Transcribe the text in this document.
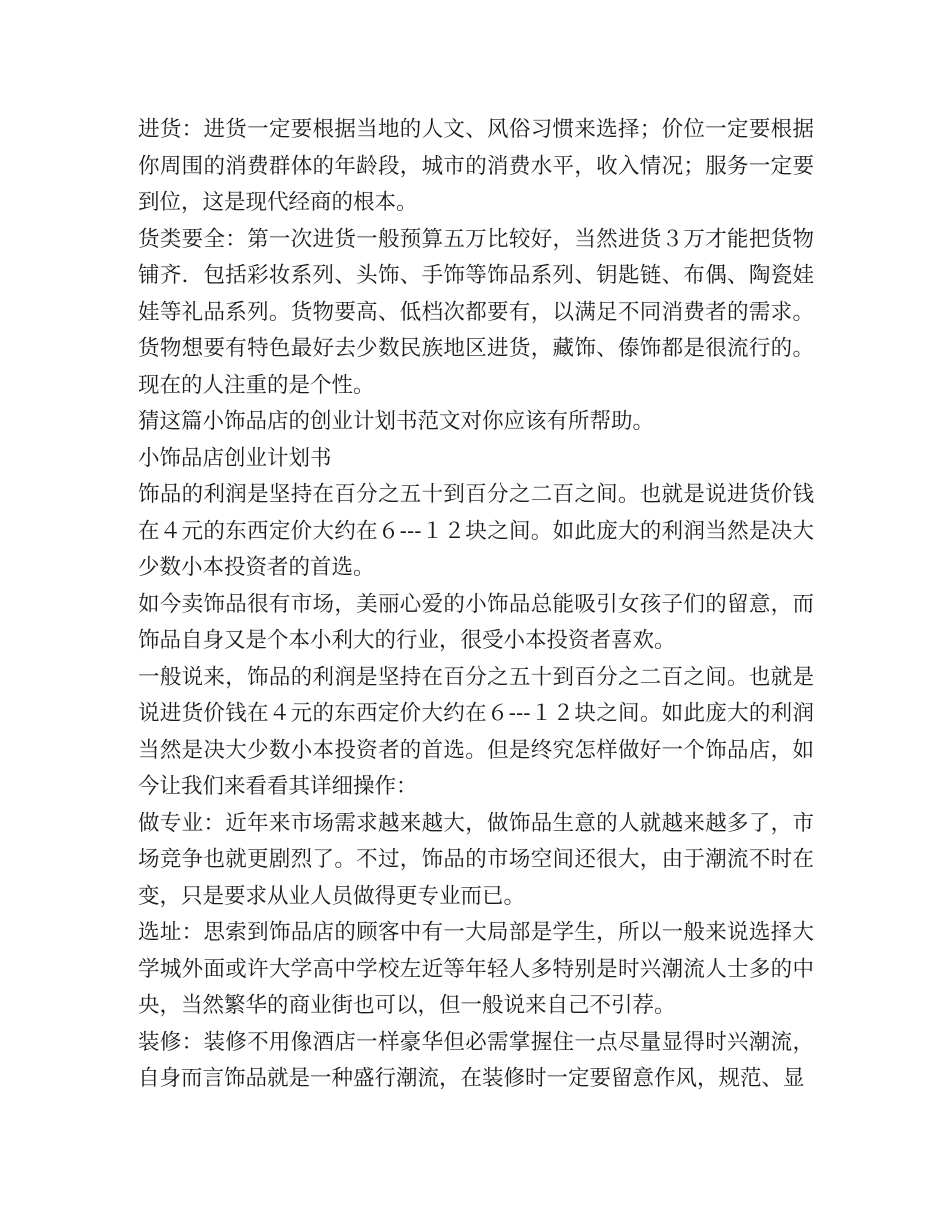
进货：进货一定要根据当地的人文、风俗习惯来选择；价位一定要根据你周围的消费群体的年龄段，城市的消费水平，收入情况；服务一定要到位，这是现代经商的根本。

货类要全：第一次进货一般预算五万比较好，当然进货３万才能把货物铺齐．包括彩妆系列、头饰、手饰等饰品系列、钥匙链、布偶、陶瓷娃娃等礼品系列。货物要高、低档次都要有，以满足不同消费者的需求。货物想要有特色最好去少数民族地区进货，藏饰、傣饰都是很流行的。现在的人注重的是个性。

猜这篇小饰品店的创业计划书范文对你应该有所帮助。

小饰品店创业计划书

饰品的利润是坚持在百分之五十到百分之二百之间。也就是说进货价钱在４元的东西定价大约在６---１２块之间。如此庞大的利润当然是决大少数小本投资者的首选。

如今卖饰品很有市场，美丽心爱的小饰品总能吸引女孩子们的留意，而饰品自身又是个本小利大的行业，很受小本投资者喜欢。

一般说来，饰品的利润是坚持在百分之五十到百分之二百之间。也就是说进货价钱在４元的东西定价大约在６---１２块之间。如此庞大的利润当然是决大少数小本投资者的首选。但是终究怎样做好一个饰品店，如今让我们来看看其详细操作：

做专业：近年来市场需求越来越大，做饰品生意的人就越来越多了，市场竞争也就更剧烈了。不过，饰品的市场空间还很大，由于潮流不时在变，只是要求从业人员做得更专业而已。

选址：思索到饰品店的顾客中有一大局部是学生，所以一般来说选择大学城外面或许大学高中学校左近等年轻人多特别是时兴潮流人士多的中央，当然繁华的商业街也可以，但一般说来自己不引荐。

装修：装修不用像酒店一样豪华但必需掌握住一点尽量显得时兴潮流，自身而言饰品就是一种盛行潮流，在装修时一定要留意作风，规范、显
